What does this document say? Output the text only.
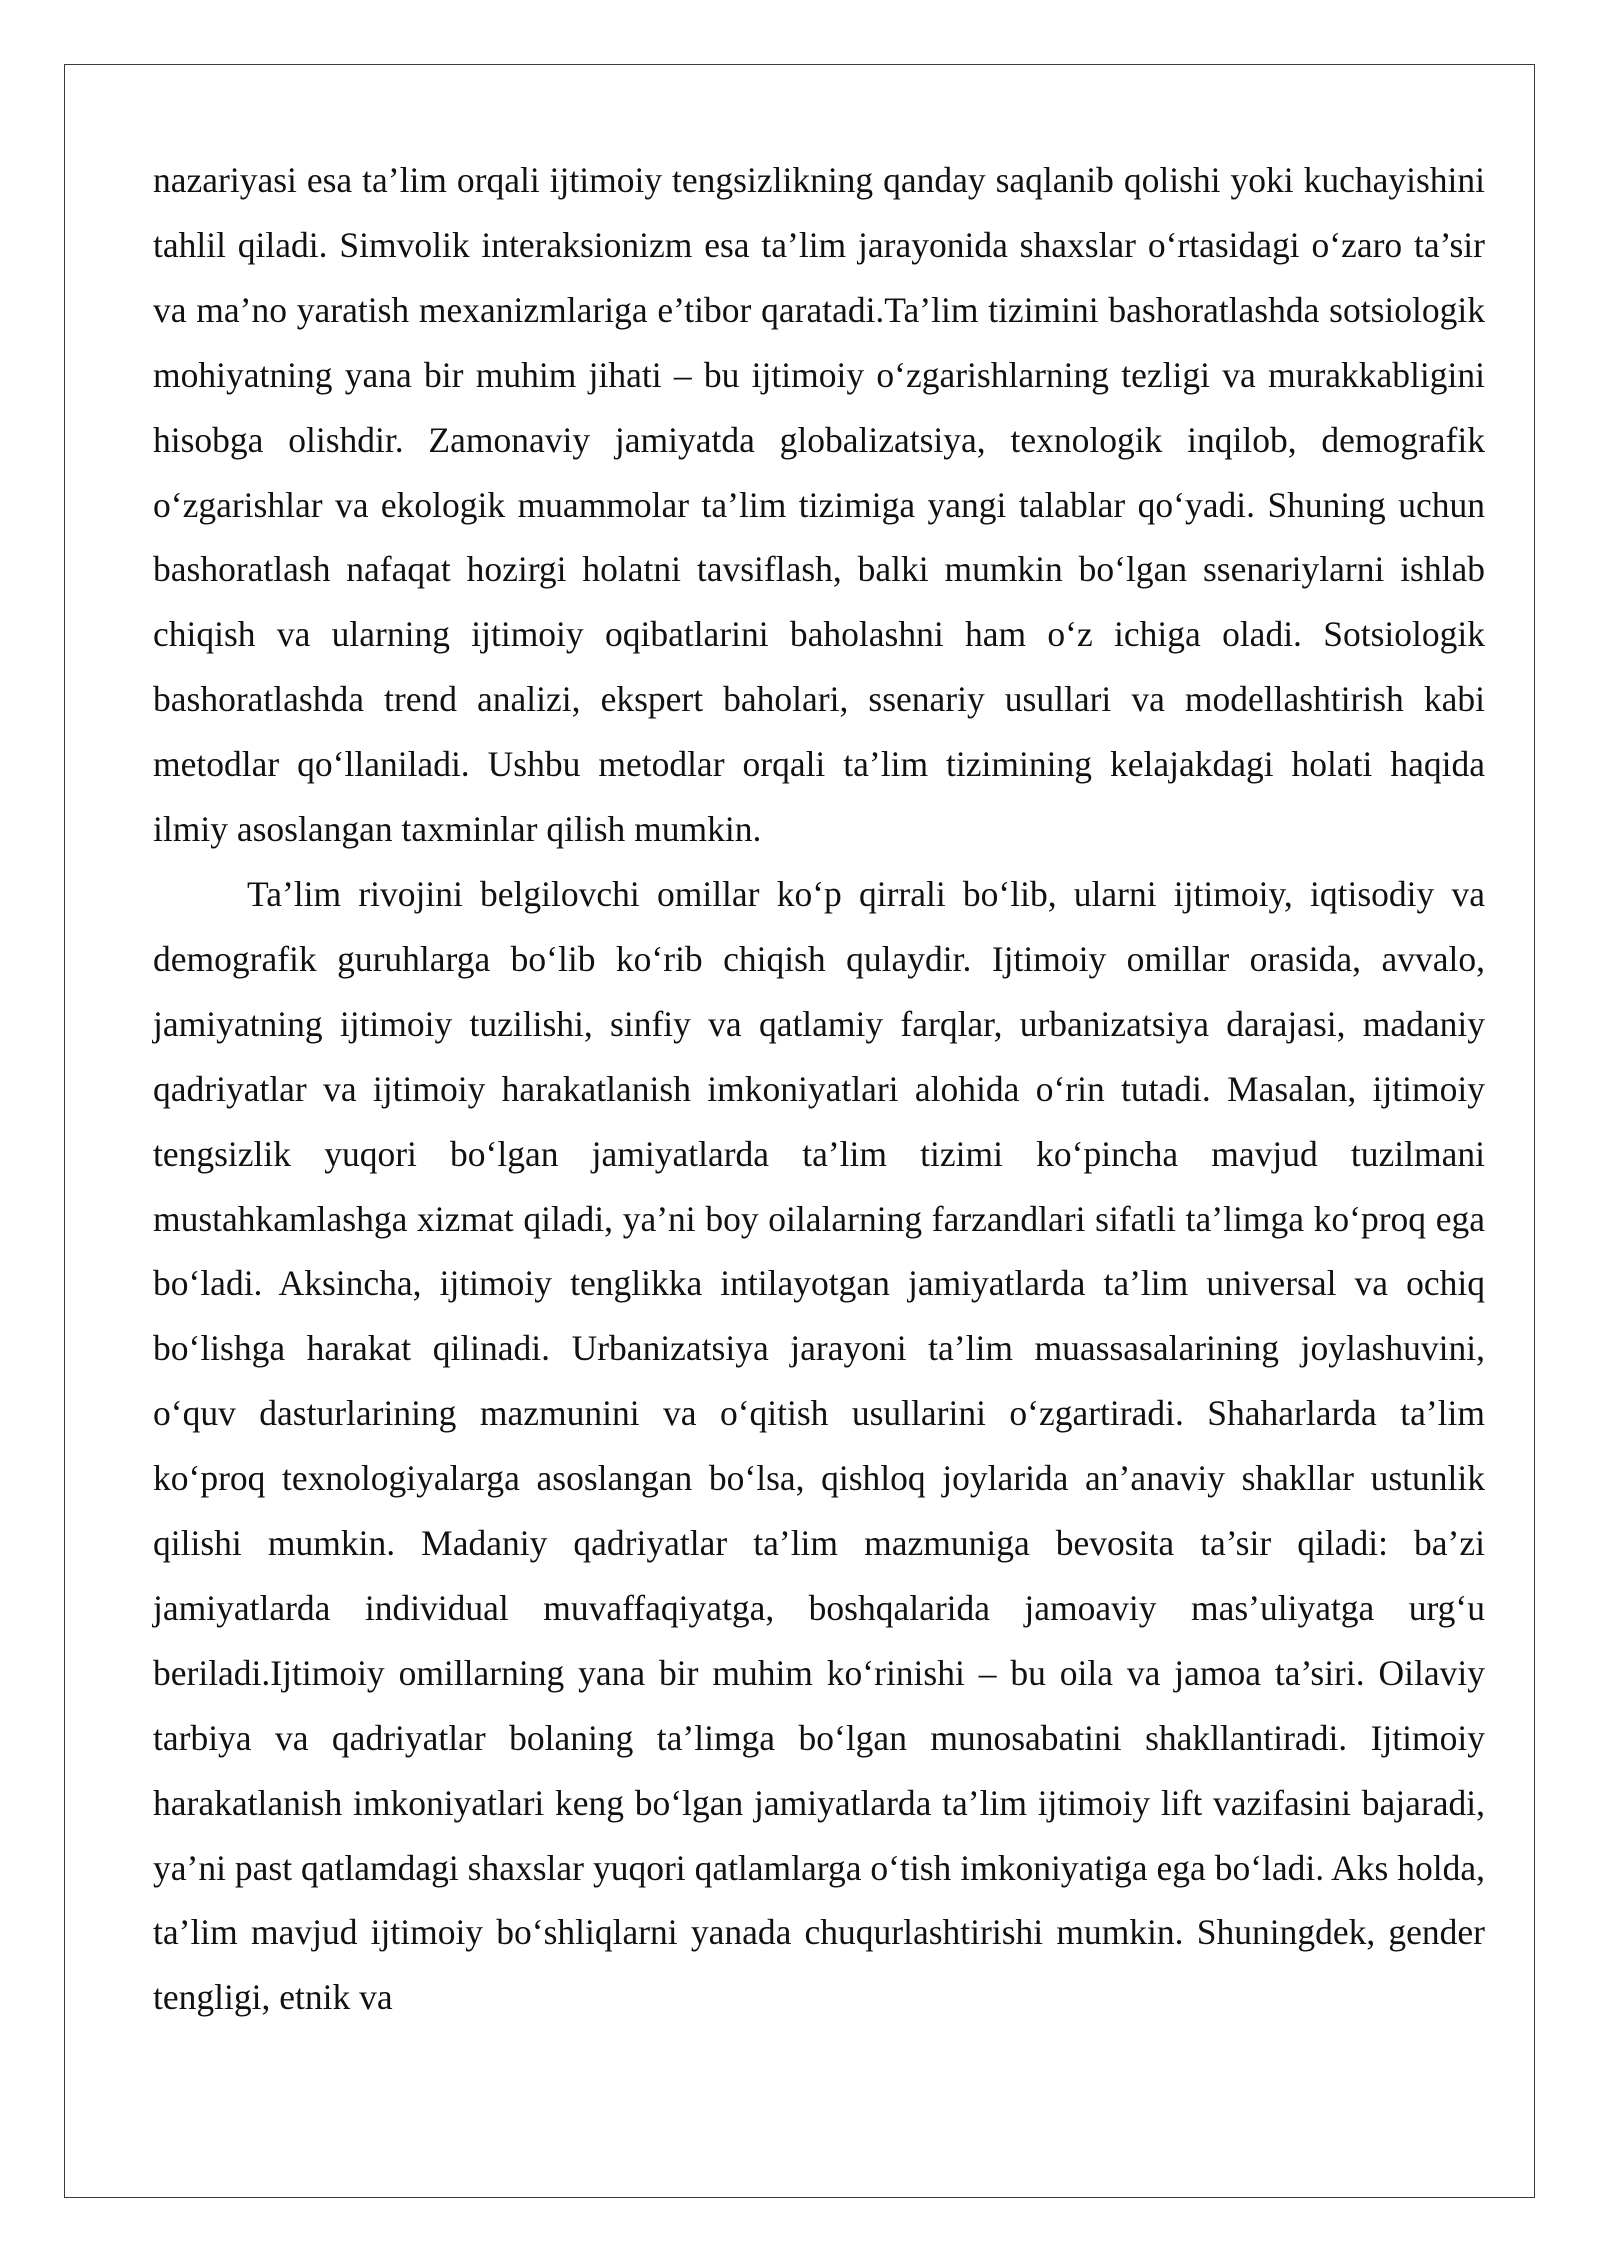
nazariyasi esa ta’lim orqali ijtimoiy tengsizlikning qanday saqlanib qolishi yoki kuchayishini tahlil qiladi. Simvolik interaksionizm esa ta’lim jarayonida shaxslar o‘rtasidagi o‘zaro ta’sir va ma’no yaratish mexanizmlariga e’tibor qaratadi.Ta’lim tizimini bashoratlashda sotsiologik mohiyatning yana bir muhim jihati – bu ijtimoiy o‘zgarishlarning tezligi va murakkabligini hisobga olishdir. Zamonaviy jamiyatda globalizatsiya, texnologik inqilob, demografik o‘zgarishlar va ekologik muammolar ta’lim tizimiga yangi talablar qo‘yadi. Shuning uchun bashoratlash nafaqat hozirgi holatni tavsiflash, balki mumkin bo‘lgan ssenariylarni ishlab chiqish va ularning ijtimoiy oqibatlarini baholashni ham o‘z ichiga oladi. Sotsiologik bashoratlashda trend analizi, ekspert baholari, ssenariy usullari va modellashtirish kabi metodlar qo‘llaniladi. Ushbu metodlar orqali ta’lim tizimining kelajakdagi holati haqida ilmiy asoslangan taxminlar qilish mumkin.

Ta’lim rivojini belgilovchi omillar ko‘p qirrali bo‘lib, ularni ijtimoiy, iqtisodiy va demografik guruhlarga bo‘lib ko‘rib chiqish qulaydir. Ijtimoiy omillar orasida, avvalo, jamiyatning ijtimoiy tuzilishi, sinfiy va qatlamiy farqlar, urbanizatsiya darajasi, madaniy qadriyatlar va ijtimoiy harakatlanish imkoniyatlari alohida o‘rin tutadi. Masalan, ijtimoiy tengsizlik yuqori bo‘lgan jamiyatlarda ta’lim tizimi ko‘pincha mavjud tuzilmani mustahkamlashga xizmat qiladi, ya’ni boy oilalarning farzandlari sifatli ta’limga ko‘proq ega bo‘ladi. Aksincha, ijtimoiy tenglikka intilayotgan jamiyatlarda ta’lim universal va ochiq bo‘lishga harakat qilinadi. Urbanizatsiya jarayoni ta’lim muassasalarining joylashuvini, o‘quv dasturlarining mazmunini va o‘qitish usullarini o‘zgartiradi. Shaharlarda ta’lim ko‘proq texnologiyalarga asoslangan bo‘lsa, qishloq joylarida an’anaviy shakllar ustunlik qilishi mumkin. Madaniy qadriyatlar ta’lim mazmuniga bevosita ta’sir qiladi: ba’zi jamiyatlarda individual muvaffaqiyatga, boshqalarida jamoaviy mas’uliyatga urg‘u beriladi.Ijtimoiy omillarning yana bir muhim ko‘rinishi – bu oila va jamoa ta’siri. Oilaviy tarbiya va qadriyatlar bolaning ta’limga bo‘lgan munosabatini shakllantiradi. Ijtimoiy harakatlanish imkoniyatlari keng bo‘lgan jamiyatlarda ta’lim ijtimoiy lift vazifasini bajaradi, ya’ni past qatlamdagi shaxslar yuqori qatlamlarga o‘tish imkoniyatiga ega bo‘ladi. Aks holda, ta’lim mavjud ijtimoiy bo‘shliqlarni yanada chuqurlashtirishi mumkin. Shuningdek, gender tengligi, etnik va
